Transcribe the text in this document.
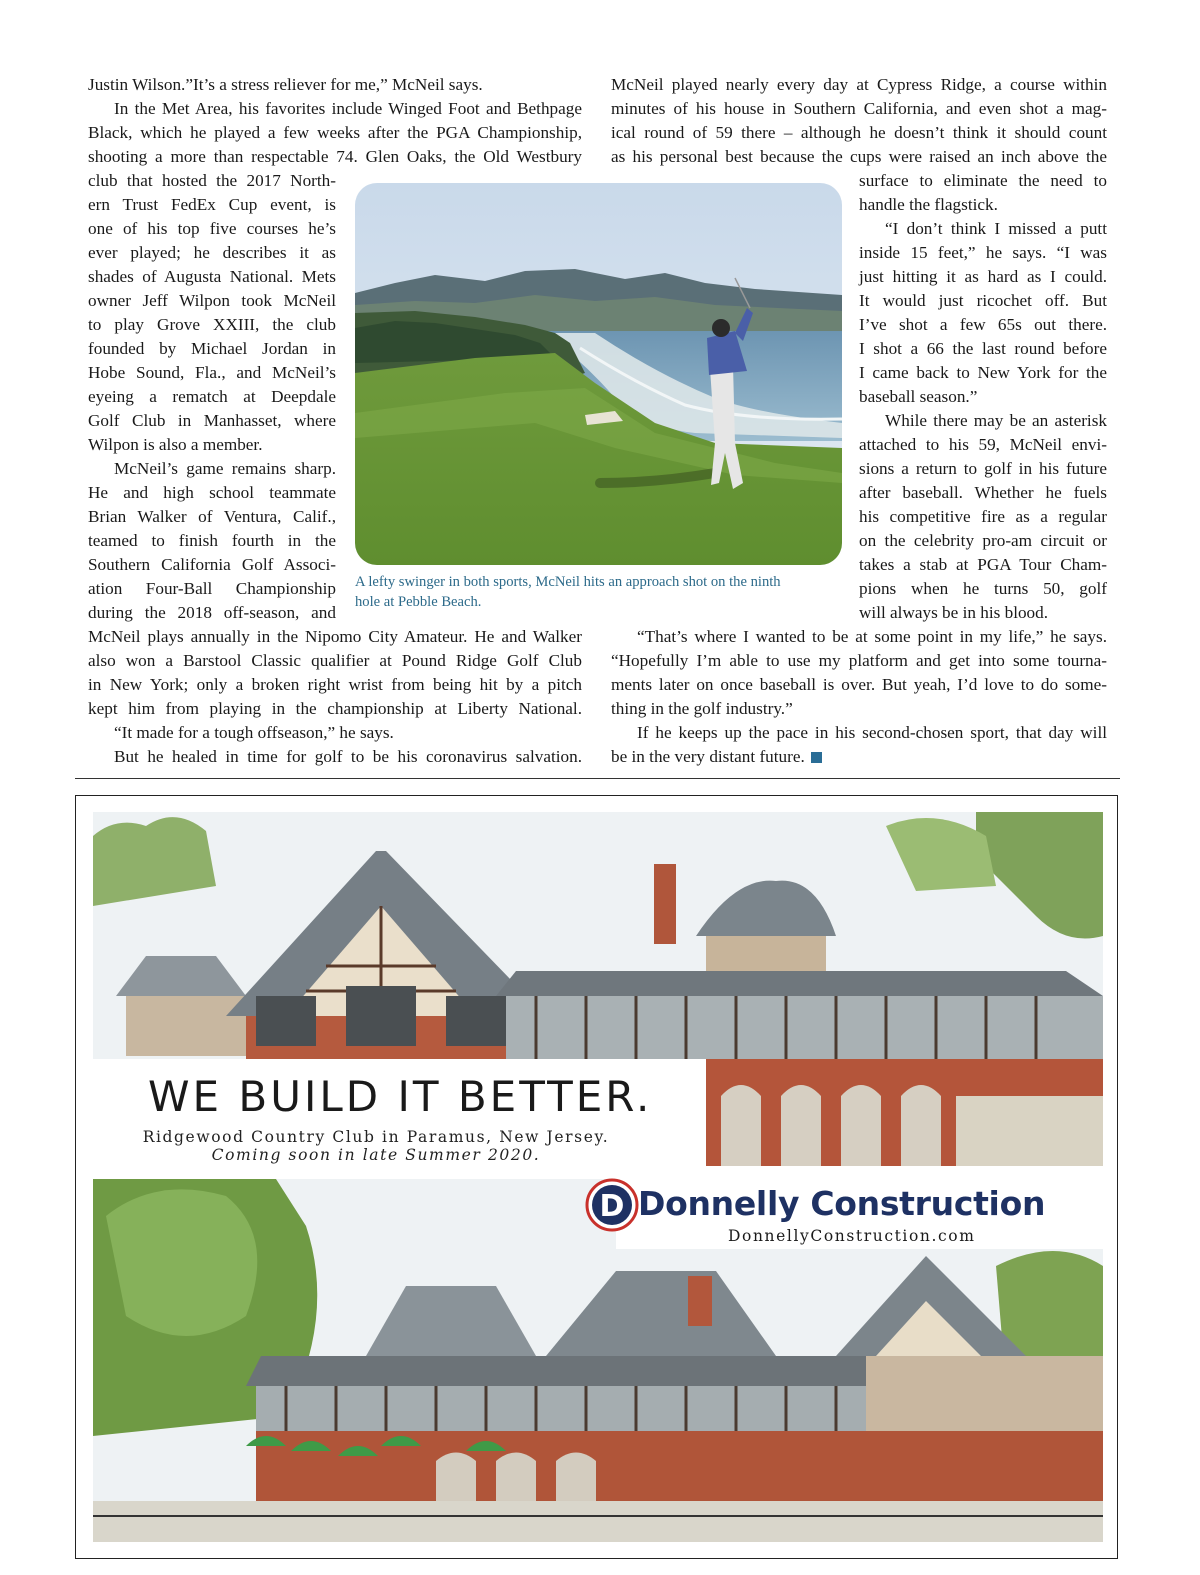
Justin Wilson.”It’s a stress reliever for me,” McNeil says.

In the Met Area, his favorites include Winged Foot and Bethpage

Black, which he played a few weeks after the PGA Championship,

shooting a more than respectable 74. Glen Oaks, the Old Westbury

club that hosted the 2017 North-

ern Trust FedEx Cup event, is

one of his top five courses he’s

ever played; he describes it as

shades of Augusta National. Mets

owner Jeff Wilpon took McNeil

to play Grove XXIII, the club

founded by Michael Jordan in

Hobe Sound, Fla., and McNeil’s

eyeing a rematch at Deepdale

Golf Club in Manhasset, where

Wilpon is also a member.

McNeil’s game remains sharp.

He and high school teammate

Brian Walker of Ventura, Calif.,

teamed to finish fourth in the

Southern California Golf Associ-

ation Four-Ball Championship

during the 2018 off-season, and

McNeil plays annually in the Nipomo City Amateur. He and Walker

also won a Barstool Classic qualifier at Pound Ridge Golf Club

in New York; only a broken right wrist from being hit by a pitch

kept him from playing in the championship at Liberty National.

“It made for a tough offseason,” he says.

But he healed in time for golf to be his coronavirus salvation.

McNeil played nearly every day at Cypress Ridge, a course within

minutes of his house in Southern California, and even shot a mag-

ical round of 59 there – although he doesn’t think it should count

as his personal best because the cups were raised an inch above the

surface to eliminate the need to

handle the flagstick.

“I don’t think I missed a putt

inside 15 feet,” he says. “I was

just hitting it as hard as I could.

It would just ricochet off. But

I’ve shot a few 65s out there.

I shot a 66 the last round before

I came back to New York for the

baseball season.”

While there may be an asterisk

attached to his 59, McNeil envi-

sions a return to golf in his future

after baseball. Whether he fuels

his competitive fire as a regular

on the celebrity pro-am circuit or

takes a stab at PGA Tour Cham-

pions when he turns 50, golf

will always be in his blood.

“That’s where I wanted to be at some point in my life,” he says.

“Hopefully I’m able to use my platform and get into some tourna-

ments later on once baseball is over. But yeah, I’d love to do some-

thing in the golf industry.”

If he keeps up the pace in his second-chosen sport, that day will

be in the very distant future.

A lefty swinger in both sports, McNeil hits an approach shot on the ninth
hole at Pebble Beach.
D
WE BUILD IT BETTER.
Ridgewood Country Club in Paramus, New Jersey.
Coming soon in late Summer 2020.
Donnelly Construction
DonnellyConstruction.com
